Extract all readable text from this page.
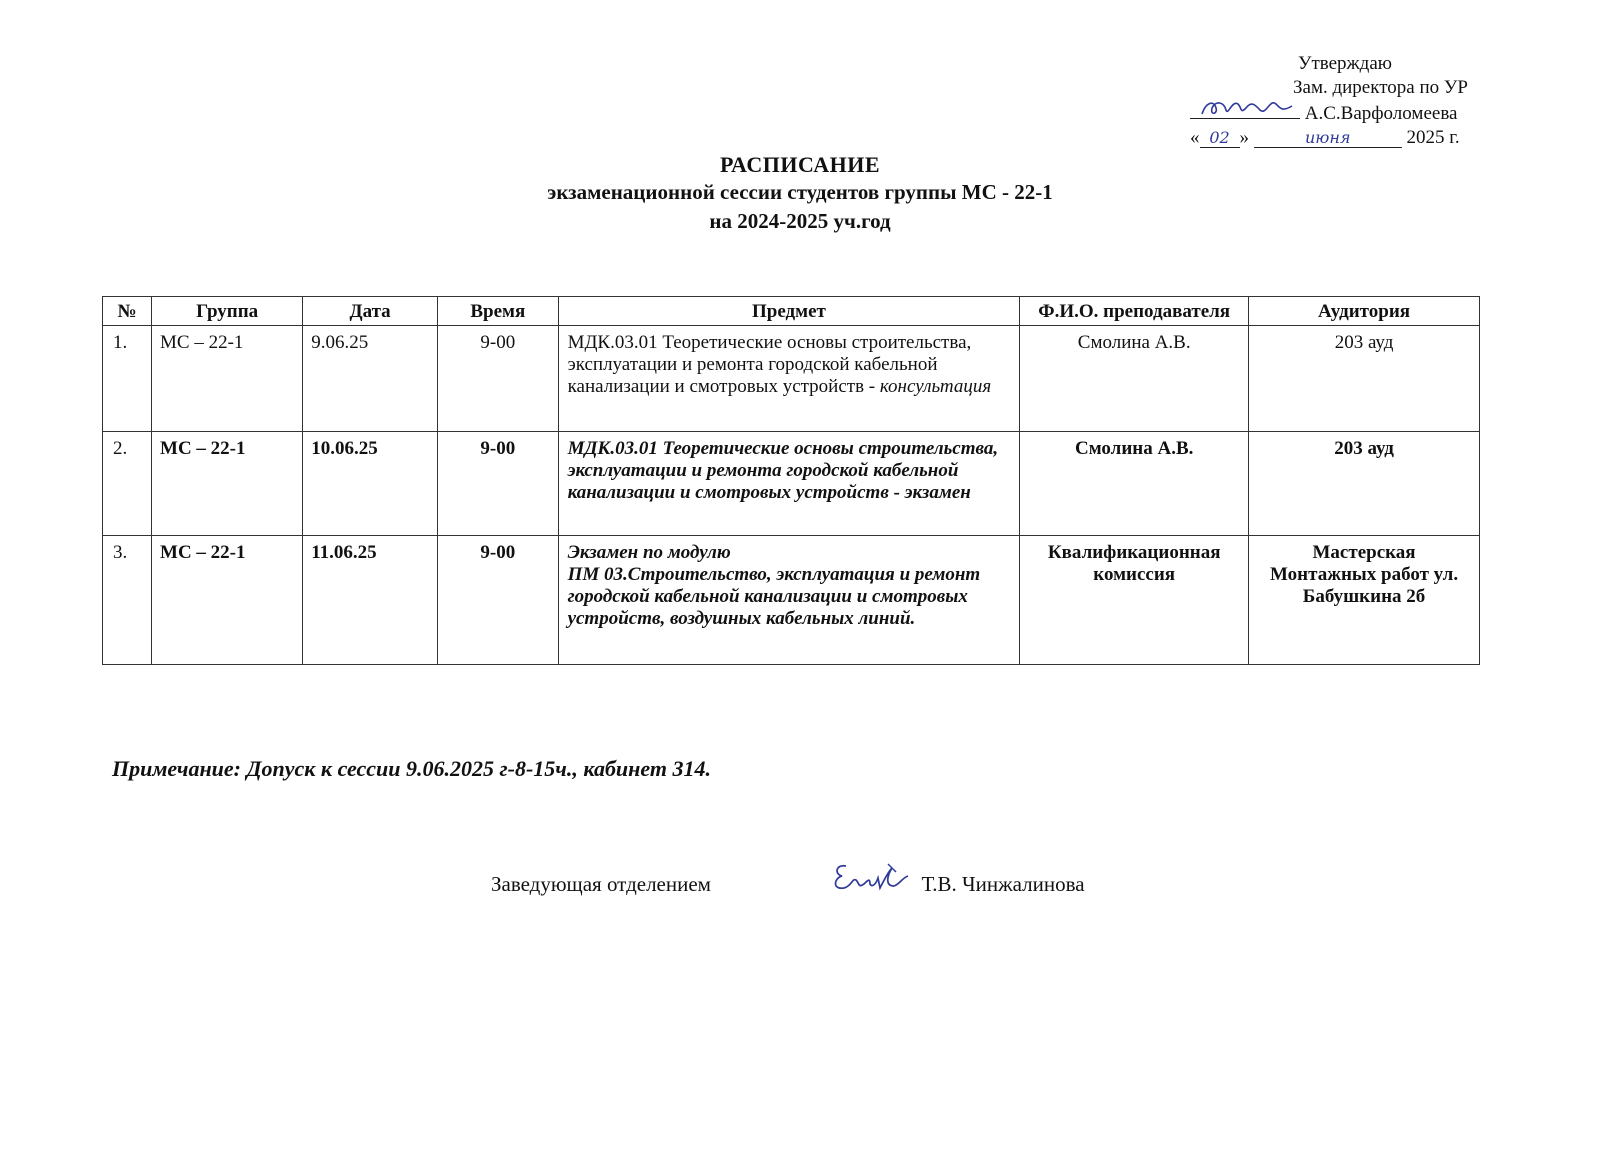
Утверждаю
Зам. директора по УР
А.С.Варфоломеева
« 02 »	июня	2025 г.
РАСПИСАНИЕ
экзаменационной сессии студентов группы МС - 22-1
на 2024-2025 уч.год
№	Группа	Дата	Время	Предмет	Ф.И.О. преподавателя	Аудитория
1.	МС – 22-1	9.06.25	9-00	МДК.03.01 Теоретические основы строительства, эксплуатации и ремонта городской кабельной канализации и смотровых устройств - консультация	Смолина А.В.	203 ауд
2.	МС – 22-1	10.06.25	9-00	МДК.03.01 Теоретические основы строительства, эксплуатации и ремонта городской кабельной канализации и смотровых устройств - экзамен	Смолина А.В.	203 ауд
3.	МС – 22-1	11.06.25	9-00	Экзамен по модулю
ПМ 03.Строительство, эксплуатация и ремонт городской кабельной канализации и смотровых устройств, воздушных кабельных линий.	Квалификационная комиссия	Мастерская Монтажных работ ул. Бабушкина 2б
Примечание: Допуск к сессии 9.06.2025 г-8-15ч., кабинет 314.
Заведующая отделением	Т.В. Чинжалинова
